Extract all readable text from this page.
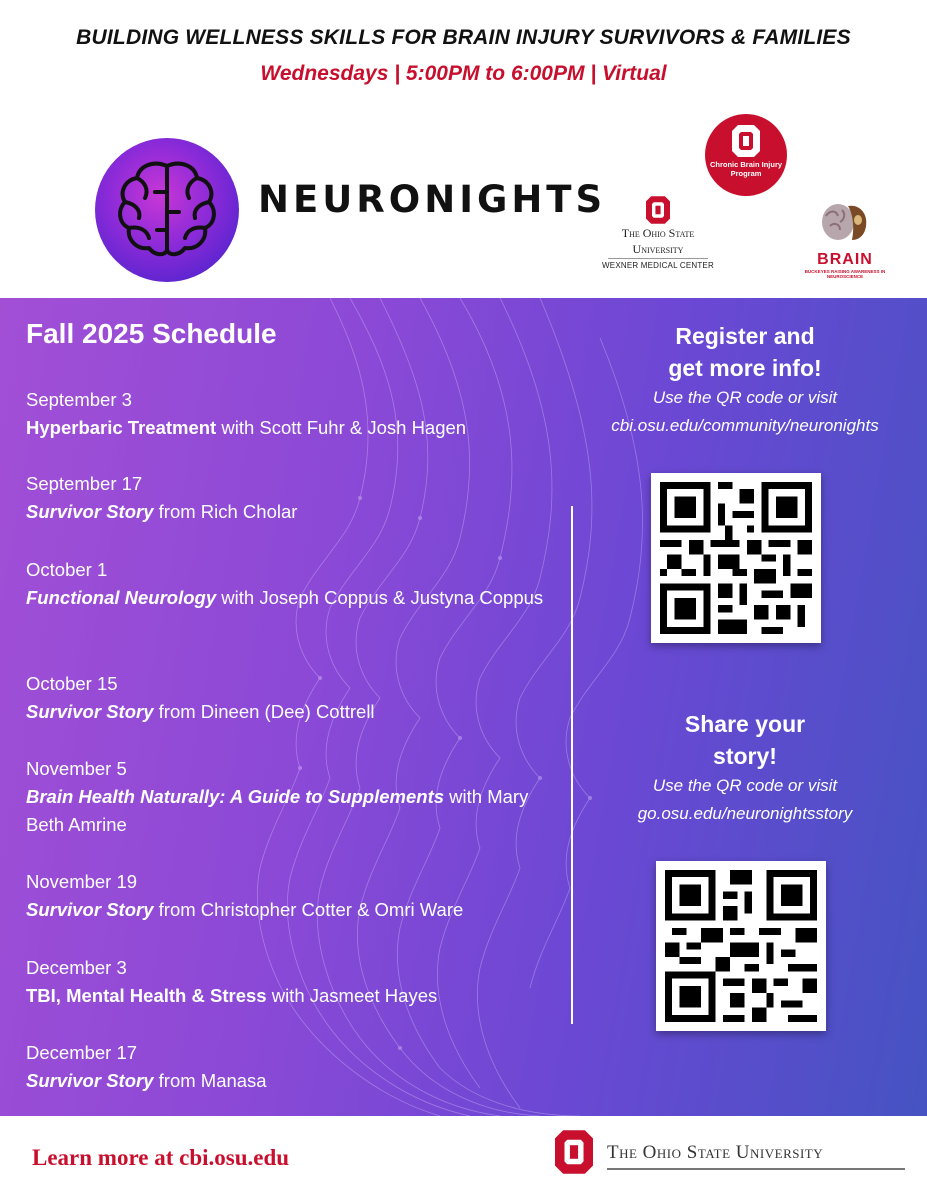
BUILDING WELLNESS SKILLS FOR BRAIN INJURY SURVIVORS & FAMILIES
Wednesdays | 5:00PM to 6:00PM | Virtual
NEURONIGHTS
Chronic Brain Injury Program
The Ohio State
University
WEXNER MEDICAL CENTER	BRAIN
BUCKEYES RAISING AWARENESS IN NEUROSCIENCE
Fall 2025 Schedule
September 3
Hyperbaric Treatment with Scott Fuhr & Josh Hagen
September 17
Survivor Story from Rich Cholar
October 1
Functional Neurology with Joseph Coppus & Justyna Coppus
October 15
Survivor Story from Dineen (Dee) Cottrell
November 5
Brain Health Naturally: A Guide to Supplements with Mary Beth Amrine
November 19
Survivor Story from Christopher Cotter & Omri Ware
December 3
TBI, Mental Health & Stress with Jasmeet Hayes
December 17
Survivor Story from Manasa
Register and
get more info!
Use the QR code or visit
cbi.osu.edu/community/neuronights
Share your
story!
Use the QR code or visit
go.osu.edu/neuronightsstory
Learn more at cbi.osu.edu	The Ohio State University
